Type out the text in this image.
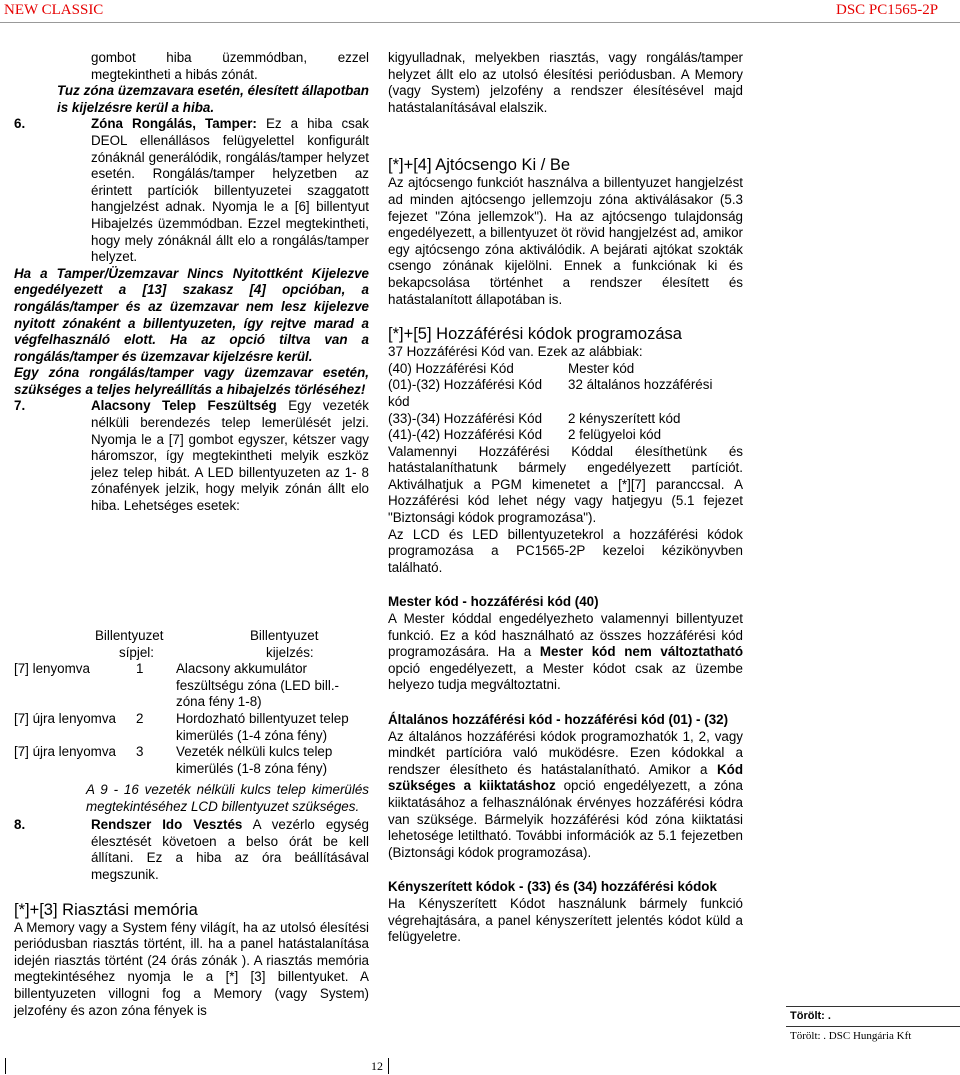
NEW CLASSIC	DSC PC1565-2P

gombot hiba üzemmódban, ezzel megtekintheti a hibás zónát.

Tuz zóna üzemzavara esetén, élesített állapotban is kijelzésre kerül a hiba.

6.	Zóna Rongálás, Tamper: Ez a hiba csak DEOL ellenállásos felügyelettel konfigurált zónáknál generálódik, rongálás/tamper helyzet esetén. Rongálás/tamper helyzetben az érintett partíciók billentyuzetei szaggatott hangjelzést adnak. Nyomja le a [6] billentyut Hibajelzés üzemmódban. Ezzel megtekintheti, hogy mely zónáknál állt elo a rongálás/tamper helyzet.

Ha a Tamper/Üzemzavar Nincs Nyitottként Kijelezve engedélyezett a [13] szakasz [4] opcióban, a rongálás/tamper és az üzemzavar nem lesz kijelezve nyitott zónaként a billentyuzeten, így rejtve marad a végfelhasználó elott. Ha az opció tiltva van a rongálás/tamper és üzemzavar kijelzésre kerül.

Egy zóna rongálás/tamper vagy üzemzavar esetén, szükséges a teljes helyreállítás a hibajelzés törléséhez!

7.	Alacsony Telep Feszültség Egy vezeték nélküli berendezés telep lemerülését jelzi. Nyomja le a [7] gombot egyszer, kétszer vagy háromszor, így megtekintheti melyik eszköz jelez telep hibát. A LED billentyuzeten az 1- 8 zónafények jelzik, hogy melyik zónán állt elo hiba. Lehetséges esetek:

Billentyuzet	Billentyuzet
sípjel:	kijelzés:
[7] lenyomva	1 Alacsony akkumulátor
feszültségu zóna (LED bill.-
zóna fény 1-8)
[7] újra lenyomva 2 Hordozható billentyuzet telep
kimerülés (1-4 zóna fény)
[7] újra lenyomva 3 Vezeték nélküli kulcs telep
kimerülés (1-8 zóna fény)

A 9 - 16 vezeték nélküli kulcs telep kimerülés megtekintéséhez LCD billentyuzet szükséges.

8.	Rendszer Ido Vesztés A vezérlo egység élesztését követoen a belso órát be kell állítani. Ez a hiba az óra beállításával megszunik.

[*]+[3] Riasztási memória

A Memory vagy a System fény világít, ha az utolsó élesítési periódusban riasztás történt, ill. ha a panel hatástalanítása idején riasztás történt (24 órás zónák ). A riasztás memória megtekintéséhez nyomja le a [*] [3] billentyuket. A billentyuzeten villogni fog a Memory (vagy System) jelzofény és azon zóna fények is

kigyulladnak, melyekben riasztás, vagy rongálás/tamper helyzet állt elo az utolsó élesítési periódusban. A Memory (vagy System) jelzofény a rendszer élesítésével majd hatástalanításával elalszik.

[*]+[4] Ajtócsengo Ki / Be

Az ajtócsengo funkciót használva a billentyuzet hangjelzést ad minden ajtócsengo jellemzoju zóna aktiválásakor (5.3 fejezet "Zóna jellemzok"). Ha az ajtócsengo tulajdonság engedélyezett, a billentyuzet öt rövid hangjelzést ad, amikor egy ajtócsengo zóna aktiválódik. A bejárati ajtókat szokták csengo zónának kijelölni. Ennek a funkciónak ki és bekapcsolása történhet a rendszer élesített és hatástalanított állapotában is.

[*]+[5] Hozzáférési kódok programozása

37 Hozzáférési Kód van. Ezek az alábbiak:

(40) Hozzáférési Kód	Mester kód
(01)-(32) Hozzáférési Kód 32 általános hozzáférési
kód
(33)-(34) Hozzáférési Kód 2 kényszerített kód
(41)-(42) Hozzáférési Kód 2 felügyeloi kód

Valamennyi Hozzáférési Kóddal élesíthetünk és hatástalaníthatunk bármely engedélyezett partíciót. Aktiválhatjuk a PGM kimenetet a [*][7] paranccsal. A Hozzáférési kód lehet négy vagy hatjegyu (5.1 fejezet "Biztonsági kódok programozása").

Az LCD és LED billentyuzetekrol a hozzáférési kódok programozása a PC1565-2P kezeloi kézikönyvben található.

Mester kód - hozzáférési kód (40)

A Mester kóddal engedélyezheto valamennyi billentyuzet funkció. Ez a kód használható az összes hozzáférési kód programozására. Ha a Mester kód nem változtatható opció engedélyezett, a Mester kódot csak az üzembe helyezo tudja megváltoztatni.

Általános hozzáférési kód - hozzáférési kód (01) - (32)

Az általános hozzáférési kódok programozhatók 1, 2, vagy mindkét partícióra való muködésre. Ezen kódokkal a rendszer élesítheto és hatástalanítható. Amikor a Kód szükséges a kiiktatáshoz opció engedélyezett, a zóna kiiktatásához a felhasználónak érvényes hozzáférési kódra van szüksége. Bármelyik hozzáférési kód zóna kiiktatási lehetosége letiltható. További információk az 5.1 fejezetben (Biztonsági kódok programozása).

Kényszerített kódok - (33) és (34) hozzáférési kódok

Ha Kényszerített Kódot használunk bármely funkció végrehajtására, a panel kényszerített jelentés kódot küld a felügyeletre.

Törölt: .
Törölt: . DSC Hungária Kft
12
